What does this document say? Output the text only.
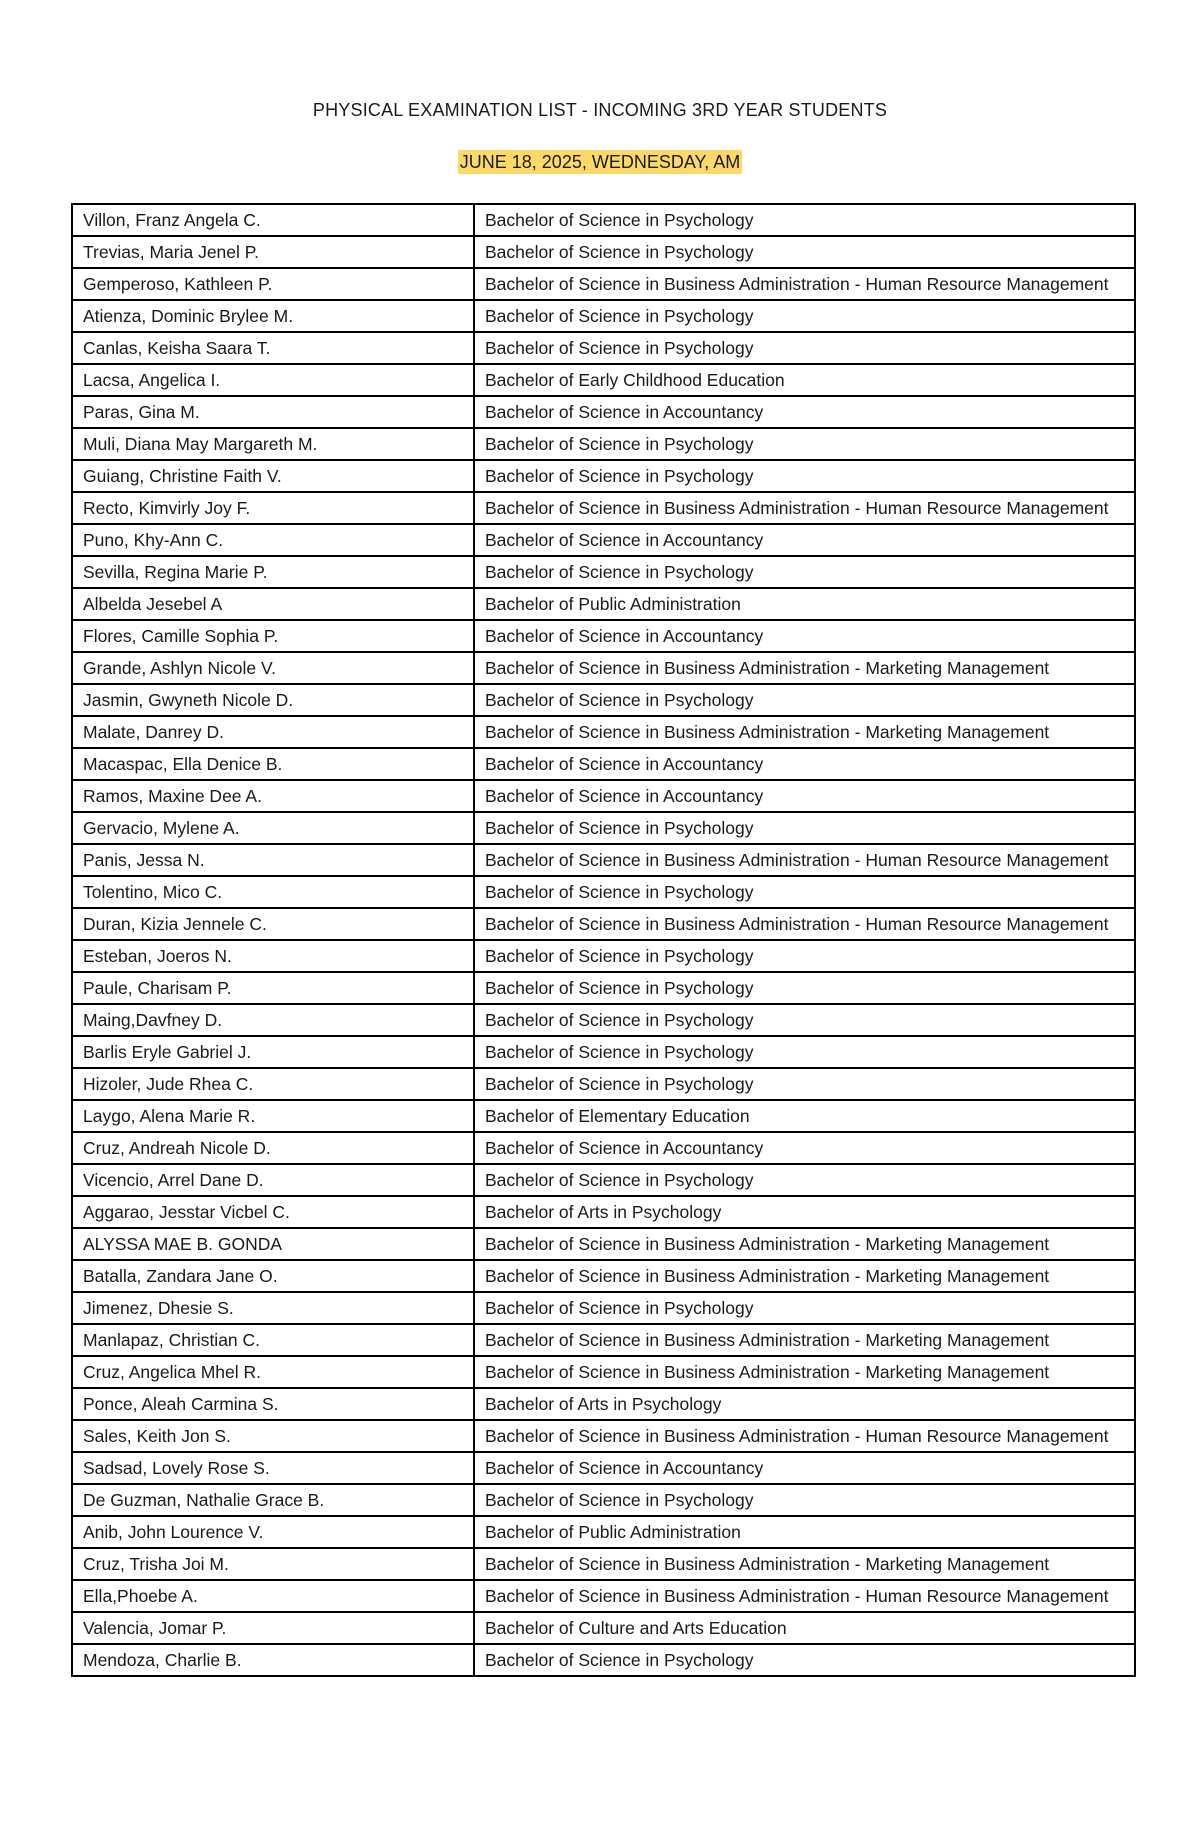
PHYSICAL EXAMINATION LIST - INCOMING 3RD YEAR STUDENTS
JUNE 18, 2025, WEDNESDAY, AM
Villon, Franz Angela C.	Bachelor of Science in Psychology
Trevias, Maria Jenel P.	Bachelor of Science in Psychology
Gemperoso, Kathleen P.	Bachelor of Science in Business Administration - Human Resource Management
Atienza, Dominic Brylee M.	Bachelor of Science in Psychology
Canlas, Keisha Saara T.	Bachelor of Science in Psychology
Lacsa, Angelica I.	Bachelor of Early Childhood Education
Paras, Gina M.	Bachelor of Science in Accountancy
Muli, Diana May Margareth M.	Bachelor of Science in Psychology
Guiang, Christine Faith V.	Bachelor of Science in Psychology
Recto, Kimvirly Joy F.	Bachelor of Science in Business Administration - Human Resource Management
Puno, Khy-Ann C.	Bachelor of Science in Accountancy
Sevilla, Regina Marie P.	Bachelor of Science in Psychology
Albelda Jesebel A	Bachelor of Public Administration
Flores, Camille Sophia P.	Bachelor of Science in Accountancy
Grande, Ashlyn Nicole V.	Bachelor of Science in Business Administration - Marketing Management
Jasmin, Gwyneth Nicole D.	Bachelor of Science in Psychology
Malate, Danrey D.	Bachelor of Science in Business Administration - Marketing Management
Macaspac, Ella Denice B.	Bachelor of Science in Accountancy
Ramos, Maxine Dee A.	Bachelor of Science in Accountancy
Gervacio, Mylene A.	Bachelor of Science in Psychology
Panis, Jessa N.	Bachelor of Science in Business Administration - Human Resource Management
Tolentino, Mico C.	Bachelor of Science in Psychology
Duran, Kizia Jennele C.	Bachelor of Science in Business Administration - Human Resource Management
Esteban, Joeros N.	Bachelor of Science in Psychology
Paule, Charisam P.	Bachelor of Science in Psychology
Maing,Davfney D.	Bachelor of Science in Psychology
Barlis Eryle Gabriel J.	Bachelor of Science in Psychology
Hizoler, Jude Rhea C.	Bachelor of Science in Psychology
Laygo, Alena Marie R.	Bachelor of Elementary Education
Cruz, Andreah Nicole D.	Bachelor of Science in Accountancy
Vicencio, Arrel Dane D.	Bachelor of Science in Psychology
Aggarao, Jesstar Vicbel C.	Bachelor of Arts in Psychology
ALYSSA MAE B. GONDA	Bachelor of Science in Business Administration - Marketing Management
Batalla, Zandara Jane O.	Bachelor of Science in Business Administration - Marketing Management
Jimenez, Dhesie S.	Bachelor of Science in Psychology
Manlapaz, Christian C.	Bachelor of Science in Business Administration - Marketing Management
Cruz, Angelica Mhel R.	Bachelor of Science in Business Administration - Marketing Management
Ponce, Aleah Carmina S.	Bachelor of Arts in Psychology
Sales, Keith Jon S.	Bachelor of Science in Business Administration - Human Resource Management
Sadsad, Lovely Rose S.	Bachelor of Science in Accountancy
De Guzman, Nathalie Grace B.	Bachelor of Science in Psychology
Anib, John Lourence V.	Bachelor of Public Administration
Cruz, Trisha Joi M.	Bachelor of Science in Business Administration - Marketing Management
Ella,Phoebe A.	Bachelor of Science in Business Administration - Human Resource Management
Valencia, Jomar P.	Bachelor of Culture and Arts Education
Mendoza, Charlie B.	Bachelor of Science in Psychology
